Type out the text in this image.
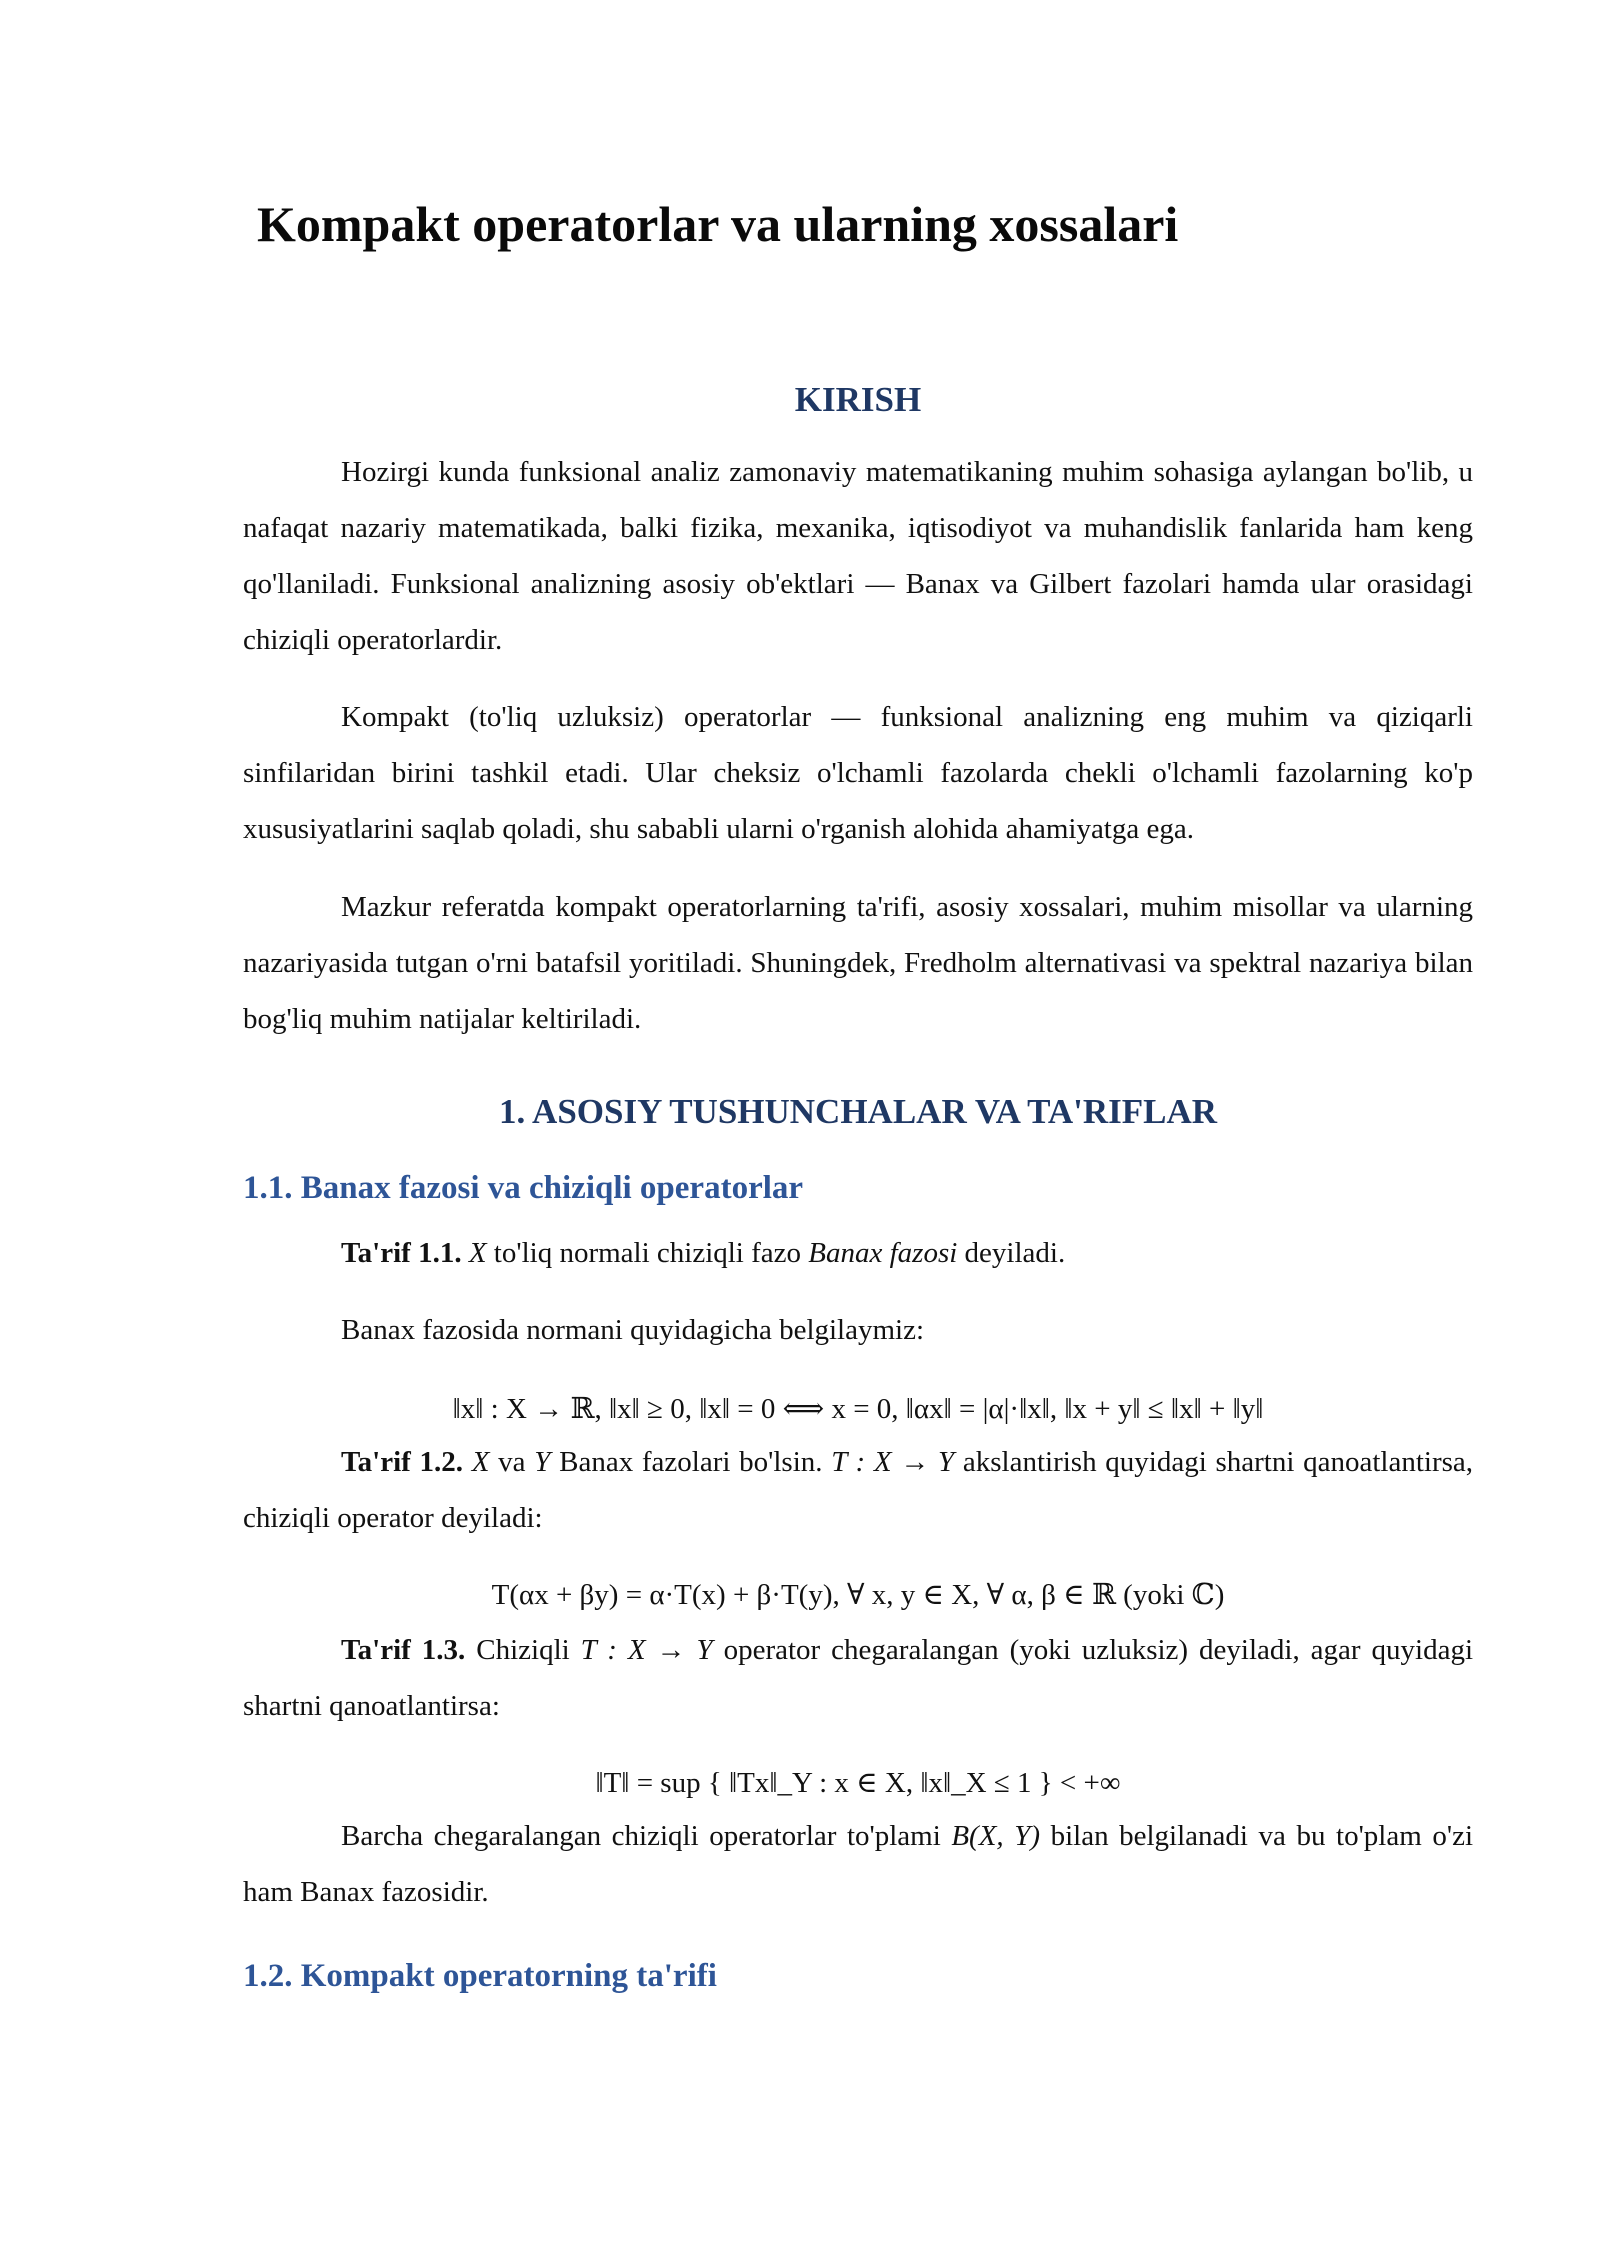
Kompakt operatorlar va ularning xossalari
KIRISH

Hozirgi kunda funksional analiz zamonaviy matematikaning muhim sohasiga aylangan bo'lib, u nafaqat nazariy matematikada, balki fizika, mexanika, iqtisodiyot va muhandislik fanlarida ham keng qo'llaniladi. Funksional analizning asosiy ob'ektlari — Banax va Gilbert fazolari hamda ular orasidagi chiziqli operatorlardir.

Kompakt (to'liq uzluksiz) operatorlar — funksional analizning eng muhim va qiziqarli sinfilaridan birini tashkil etadi. Ular cheksiz o'lchamli fazolarda chekli o'lchamli fazolarning ko'p xususiyatlarini saqlab qoladi, shu sababli ularni o'rganish alohida ahamiyatga ega.

Mazkur referatda kompakt operatorlarning ta'rifi, asosiy xossalari, muhim misollar va ularning nazariyasida tutgan o'rni batafsil yoritiladi. Shuningdek, Fredholm alternativasi va spektral nazariya bilan bog'liq muhim natijalar keltiriladi.

1. ASOSIY TUSHUNCHALAR VA TA'RIFLAR
1.1. Banax fazosi va chiziqli operatorlar

Ta'rif 1.1. X to'liq normali chiziqli fazo Banax fazosi deyiladi.

Banax fazosida normani quyidagicha belgilaymiz:

‖x‖ : X → ℝ, ‖x‖ ≥ 0, ‖x‖ = 0 ⟺ x = 0, ‖αx‖ = |α|·‖x‖, ‖x + y‖ ≤ ‖x‖ + ‖y‖

Ta'rif 1.2. X va Y Banax fazolari bo'lsin. T : X → Y akslantirish quyidagi shartni qanoatlantirsa, chiziqli operator deyiladi:

T(αx + βy) = α·T(x) + β·T(y), ∀ x, y ∈ X, ∀ α, β ∈ ℝ (yoki ℂ)

Ta'rif 1.3. Chiziqli T : X → Y operator chegaralangan (yoki uzluksiz) deyiladi, agar quyidagi shartni qanoatlantirsa:

‖T‖ = sup { ‖Tx‖_Y : x ∈ X, ‖x‖_X ≤ 1 } < +∞

Barcha chegaralangan chiziqli operatorlar to'plami B(X, Y) bilan belgilanadi va bu to'plam o'zi ham Banax fazosidir.

1.2. Kompakt operatorning ta'rifi
